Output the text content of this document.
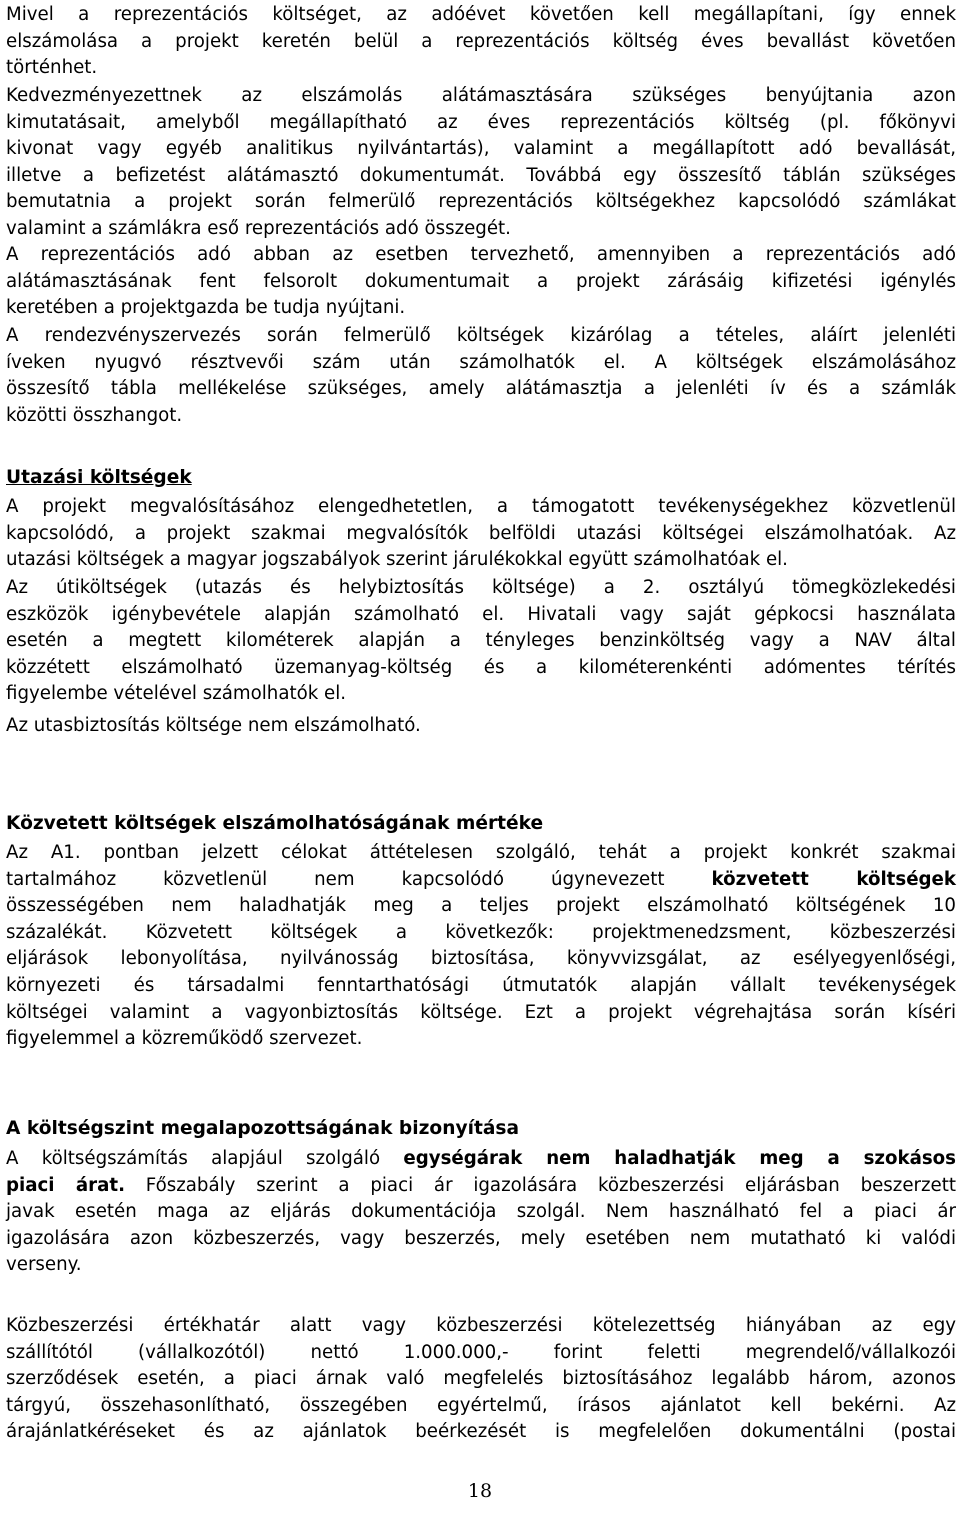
Mivel a reprezentációs költséget, az adóévet követően kell megállapítani, így ennek
elszámolása a projekt keretén belül a reprezentációs költség éves bevallást követően
történhet.
Kedvezményezettnek az elszámolás alátámasztására szükséges benyújtania azon
kimutatásait, amelyből megállapítható az éves reprezentációs költség (pl. főkönyvi
kivonat vagy egyéb analitikus nyilvántartás), valamint a megállapított adó bevallását,
illetve a befizetést alátámasztó dokumentumát. Továbbá egy összesítő táblán szükséges
bemutatnia a projekt során felmerülő reprezentációs költségekhez kapcsolódó számlákat
valamint a számlákra eső reprezentációs adó összegét.
A reprezentációs adó abban az esetben tervezhető, amennyiben a reprezentációs adó
alátámasztásának fent felsorolt dokumentumait a projekt zárásáig kifizetési igénylés
keretében a projektgazda be tudja nyújtani.
A rendezvényszervezés során felmerülő költségek kizárólag a tételes, aláírt jelenléti
íveken nyugvó résztvevői szám után számolhatók el. A költségek elszámolásához
összesítő tábla mellékelése szükséges, amely alátámasztja a jelenléti ív és a számlák
közötti összhangot.
Utazási költségek
A projekt megvalósításához elengedhetetlen, a támogatott tevékenységekhez közvetlenül
kapcsolódó, a projekt szakmai megvalósítók belföldi utazási költségei elszámolhatóak. Az
utazási költségek a magyar jogszabályok szerint járulékokkal együtt számolhatóak el.
Az útiköltségek (utazás és helybiztosítás költsége) a 2. osztályú tömegközlekedési
eszközök igénybevétele alapján számolható el. Hivatali vagy saját gépkocsi használata
esetén a megtett kilométerek alapján a tényleges benzinköltség vagy a NAV által
közzétett elszámolható üzemanyag-költség és a kilométerenkénti adómentes térítés
figyelembe vételével számolhatók el.
Az utasbiztosítás költsége nem elszámolható.
Közvetett költségek elszámolhatóságának mértéke
Az A1. pontban jelzett célokat áttételesen szolgáló, tehát a projekt konkrét szakmai
tartalmához közvetlenül nem kapcsolódó úgynevezett közvetett költségek
összességében nem haladhatják meg a teljes projekt elszámolható költségének 10
százalékát. Közvetett költségek a következők: projektmenedzsment, közbeszerzési
eljárások lebonyolítása, nyilvánosság biztosítása, könyvvizsgálat, az esélyegyenlőségi,
környezeti és társadalmi fenntarthatósági útmutatók alapján vállalt tevékenységek
költségei valamint a vagyonbiztosítás költsége. Ezt a projekt végrehajtása során kíséri
figyelemmel a közreműködő szervezet.
A költségszint megalapozottságának bizonyítása
A költségszámítás alapjául szolgáló egységárak nem haladhatják meg a szokásos
piaci árat. Főszabály szerint a piaci ár igazolására közbeszerzési eljárásban beszerzett
javak esetén maga az eljárás dokumentációja szolgál. Nem használható fel a piaci ár
igazolására azon közbeszerzés, vagy beszerzés, mely esetében nem mutatható ki valódi
verseny.
Közbeszerzési értékhatár alatt vagy közbeszerzési kötelezettség hiányában az egy
szállítótól (vállalkozótól) nettó 1.000.000,- forint feletti megrendelő/vállalkozói
szerződések esetén, a piaci árnak való megfelelés biztosításához legalább három, azonos
tárgyú, összehasonlítható, összegében egyértelmű, írásos ajánlatot kell bekérni. Az
árajánlatkéréseket és az ajánlatok beérkezését is megfelelően dokumentálni (postai
18
